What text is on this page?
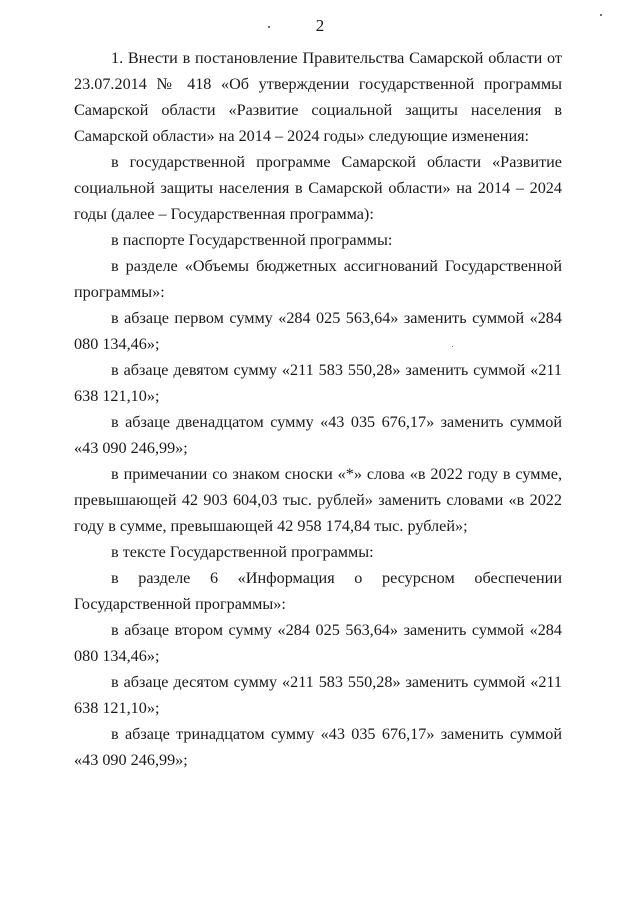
2

1. Внести в постановление Правительства Самарской области от 23.07.2014 № 418 «Об утверждении государственной программы Самарской области «Развитие социальной защиты населения в Самарской области» на 2014 – 2024 годы» следующие изменения:

в государственной программе Самарской области «Развитие социальной защиты населения в Самарской области» на 2014 – 2024 годы (далее – Государственная программа):

в паспорте Государственной программы:

в разделе «Объемы бюджетных ассигнований Государственной программы»:

в абзаце первом сумму «284 025 563,64» заменить суммой «284 080 134,46»;

в абзаце девятом сумму «211 583 550,28» заменить суммой «211 638 121,10»;

в абзаце двенадцатом сумму «43 035 676,17» заменить суммой «43 090 246,99»;

в примечании со знаком сноски «*» слова «в 2022 году в сумме, превышающей 42 903 604,03 тыс. рублей» заменить словами «в 2022 году в сумме, превышающей 42 958 174,84 тыс. рублей»;

в тексте Государственной программы:

в разделе 6 «Информация о ресурсном обеспечении Государственной программы»:

в абзаце втором сумму «284 025 563,64» заменить суммой «284 080 134,46»;

в абзаце десятом сумму «211 583 550,28» заменить суммой «211 638 121,10»;

в абзаце тринадцатом сумму «43 035 676,17» заменить суммой «43 090 246,99»;
